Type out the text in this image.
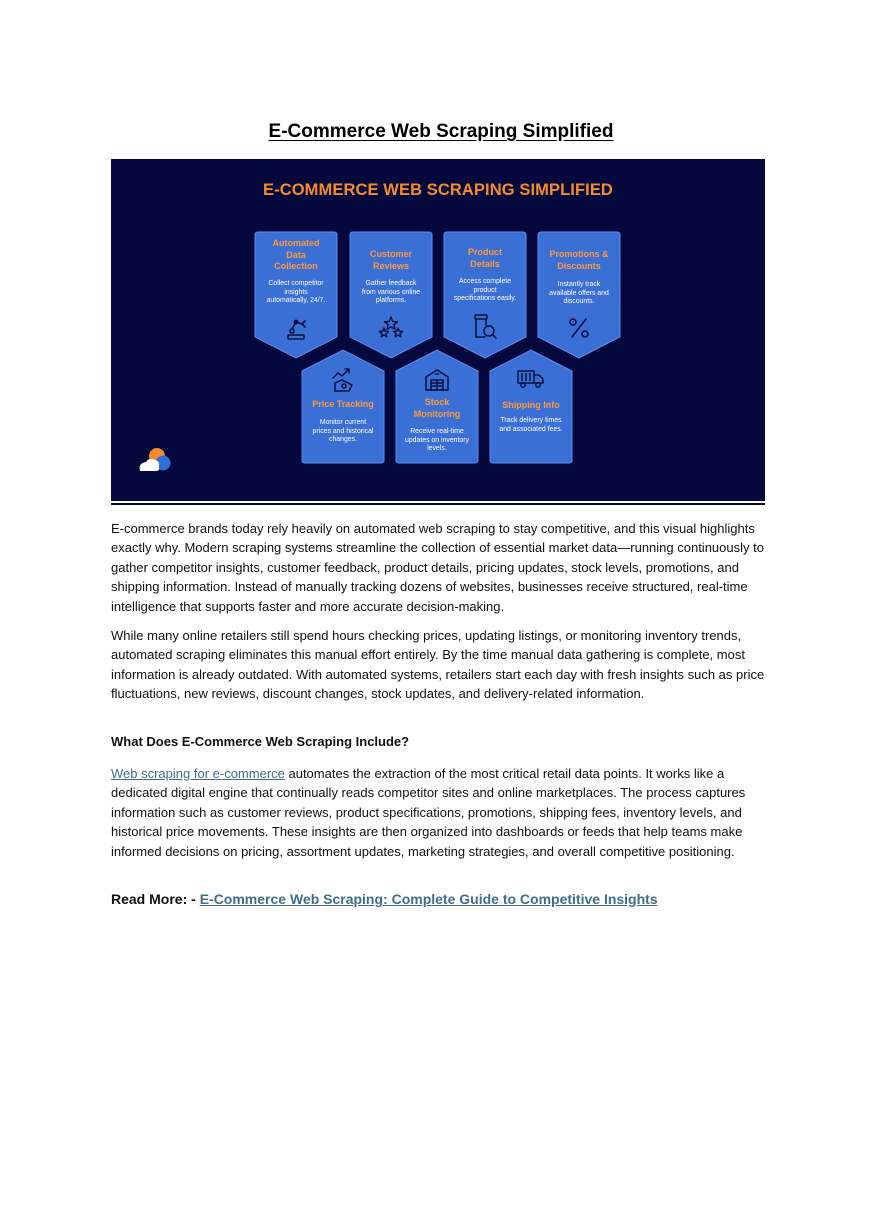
E-Commerce Web Scraping Simplified
E-COMMERCE WEB SCRAPING SIMPLIFIED
Automated
Data
Collection
Collect competitor
insights
automatically, 24/7.
Customer
Reviews
Gather feedback
from various online
platforms.
Product
Details
Access complete
product
specifications easily.
Promotions &
Discounts
Instantly track
available offers and
discounts.
Price Tracking
Monitor current
prices and historical
changes.
Stock
Monitoring
Receive real-time
updates on inventory
levels.
Shipping Info
Track delivery times
and associated fees.

E-commerce brands today rely heavily on automated web scraping to stay competitive, and this visual highlights exactly why. Modern scraping systems streamline the collection of essential market data—running continuously to gather competitor insights, customer feedback, product details, pricing updates, stock levels, promotions, and shipping information. Instead of manually tracking dozens of websites, businesses receive structured, real-time intelligence that supports faster and more accurate decision-making.

While many online retailers still spend hours checking prices, updating listings, or monitoring inventory trends, automated scraping eliminates this manual effort entirely. By the time manual data gathering is complete, most information is already outdated. With automated systems, retailers start each day with fresh insights such as price fluctuations, new reviews, discount changes, stock updates, and delivery-related information.

What Does E-Commerce Web Scraping Include?

Web scraping for e-commerce automates the extraction of the most critical retail data points. It works like a dedicated digital engine that continually reads competitor sites and online marketplaces. The process captures information such as customer reviews, product specifications, promotions, shipping fees, inventory levels, and historical price movements. These insights are then organized into dashboards or feeds that help teams make informed decisions on pricing, assortment updates, marketing strategies, and overall competitive positioning.

Read More: - E-Commerce Web Scraping: Complete Guide to Competitive Insights
